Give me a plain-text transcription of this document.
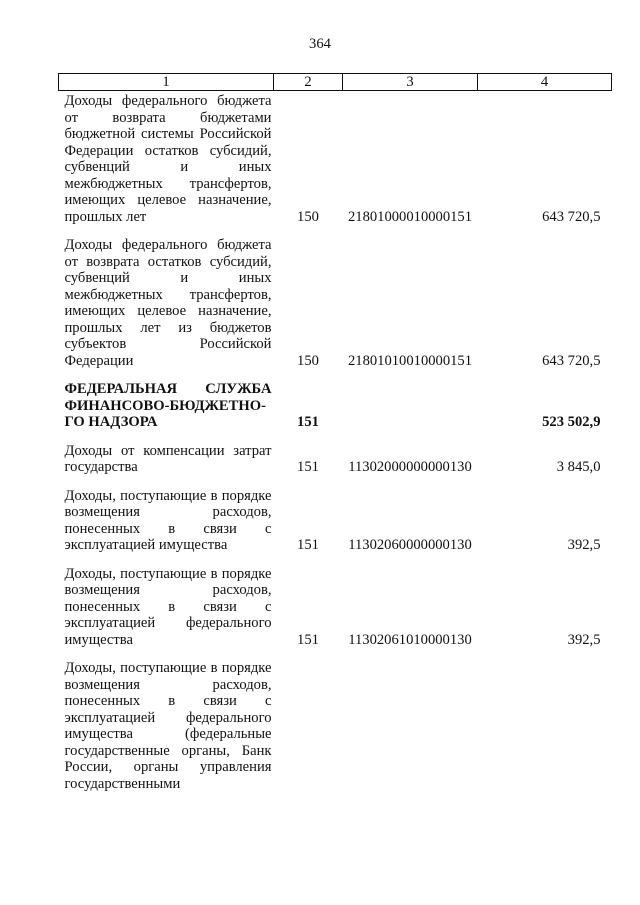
364
1	2	3	4

Доходы федерального бюджета от возврата бюджетами бюджетной системы Российской Федерации остатков субсидий, субвенций и иных межбюджетных трансфертов, имеющих целевое назначение, прошлых лет	150	21801000010000151	643 720,5

Доходы федерального бюджета от возврата остатков субсидий, субвенций и иных межбюджетных трансфертов, имеющих целевое назначение, прошлых лет из бюджетов субъектов Российской Федерации	150	21801010010000151	643 720,5

ФЕДЕРАЛЬНАЯ СЛУЖБА ФИНАНСОВО-БЮДЖЕТНО-ГО НАДЗОРА	151		523 502,9

Доходы от компенсации затрат государства	151	11302000000000130	3 845,0

Доходы, поступающие в порядке возмещения расходов, понесенных в связи с эксплуатацией имущества	151	11302060000000130	392,5

Доходы, поступающие в порядке возмещения расходов, понесенных в связи с эксплуатацией федерального имущества	151	11302061010000130	392,5

Доходы, поступающие в порядке возмещения расходов, понесенных в связи с эксплуатацией федерального имущества (федеральные государственные органы, Банк России, органы управления государственными			
